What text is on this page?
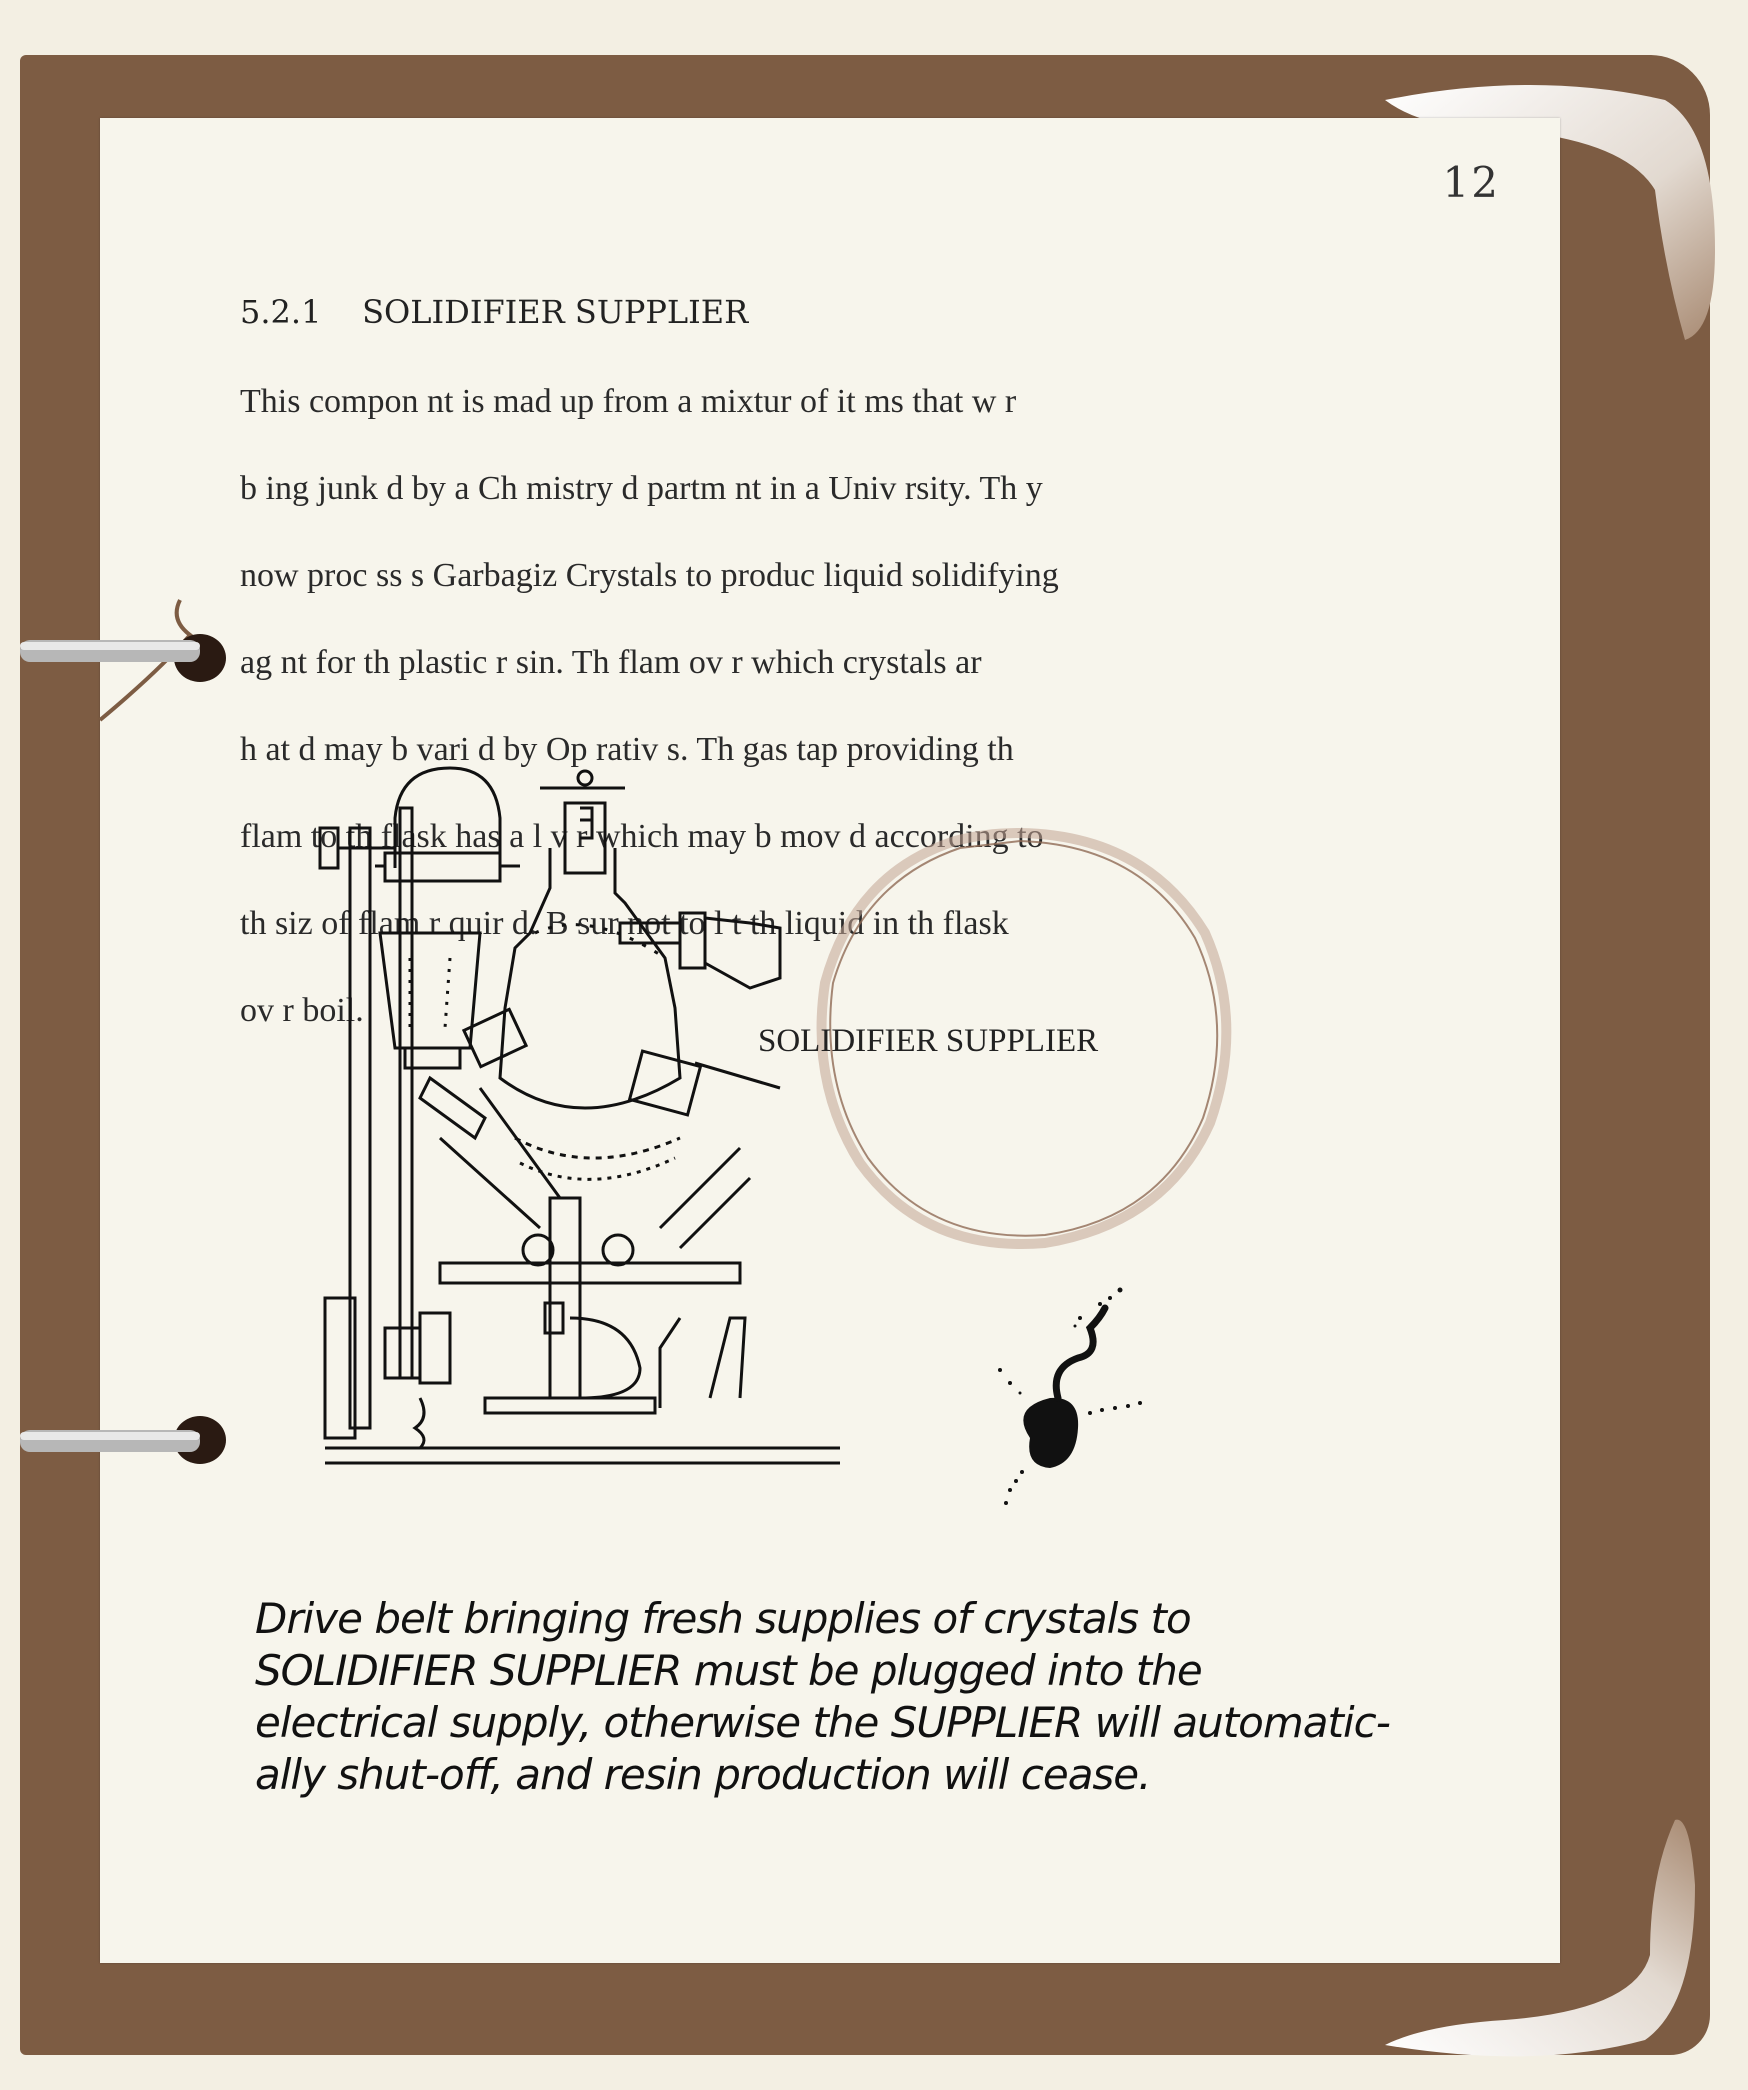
12
5.2.1    SOLIDIFIER SUPPLIER

This compon nt is mad up from a mixtur of it ms that w r

b ing junk d by a Ch mistry d partm nt in a Univ rsity. Th y

now proc ss s Garbagiz Crystals to produc liquid solidifying

ag nt for th plastic r sin. Th flam ov r which crystals ar

h at d may b vari d by Op rativ s. Th gas tap providing th

flam to th flask has a l v r which may b mov d according to

th siz of flam r quir d. B sur not to l t th liquid in th flask

ov r boil.

SOLIDIFIER SUPPLIER
Drive belt bringing fresh supplies of crystals to
SOLIDIFIER SUPPLIER must be plugged into the
electrical supply, otherwise the SUPPLIER will automatic-
ally shut-off, and resin production will cease.
